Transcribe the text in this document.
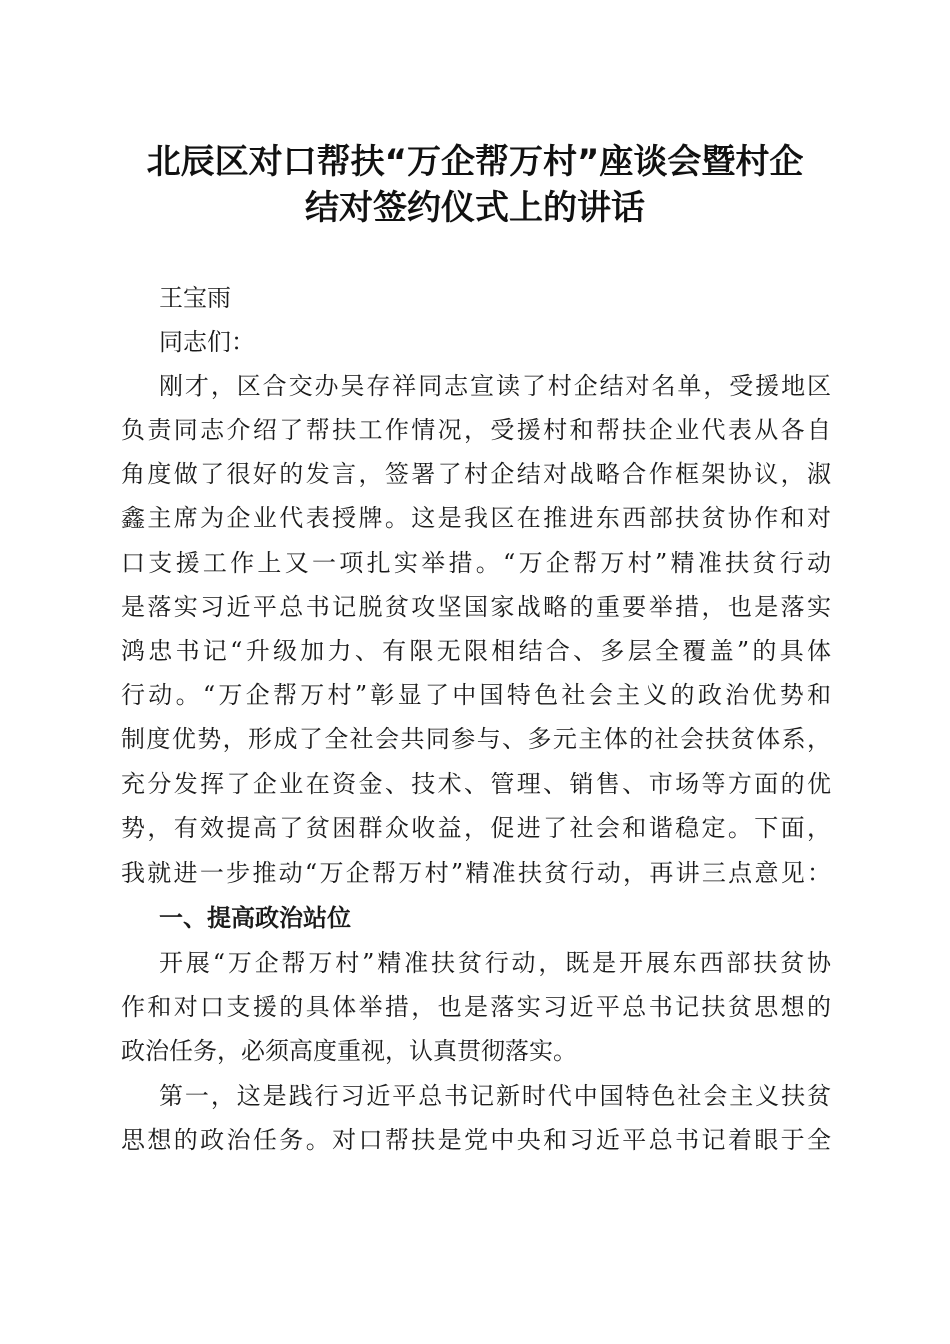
北辰区对口帮扶“万企帮万村”座谈会暨村企
结对签约仪式上的讲话
王宝雨
同志们：
刚才，区合交办吴存祥同志宣读了村企结对名单，受援地区
负责同志介绍了帮扶工作情况，受援村和帮扶企业代表从各自
角度做了很好的发言，签署了村企结对战略合作框架协议，淑
鑫主席为企业代表授牌。这是我区在推进东西部扶贫协作和对
口支援工作上又一项扎实举措。“万企帮万村”精准扶贫行动
是落实习近平总书记脱贫攻坚国家战略的重要举措，也是落实
鸿忠书记“升级加力、有限无限相结合、多层全覆盖”的具体
行动。“万企帮万村”彰显了中国特色社会主义的政治优势和
制度优势，形成了全社会共同参与、多元主体的社会扶贫体系，
充分发挥了企业在资金、技术、管理、销售、市场等方面的优
势，有效提高了贫困群众收益，促进了社会和谐稳定。下面，
我就进一步推动“万企帮万村”精准扶贫行动，再讲三点意见：
一、提高政治站位
开展“万企帮万村”精准扶贫行动，既是开展东西部扶贫协
作和对口支援的具体举措，也是落实习近平总书记扶贫思想的
政治任务，必须高度重视，认真贯彻落实。
第一，这是践行习近平总书记新时代中国特色社会主义扶贫
思想的政治任务。对口帮扶是党中央和习近平总书记着眼于全
